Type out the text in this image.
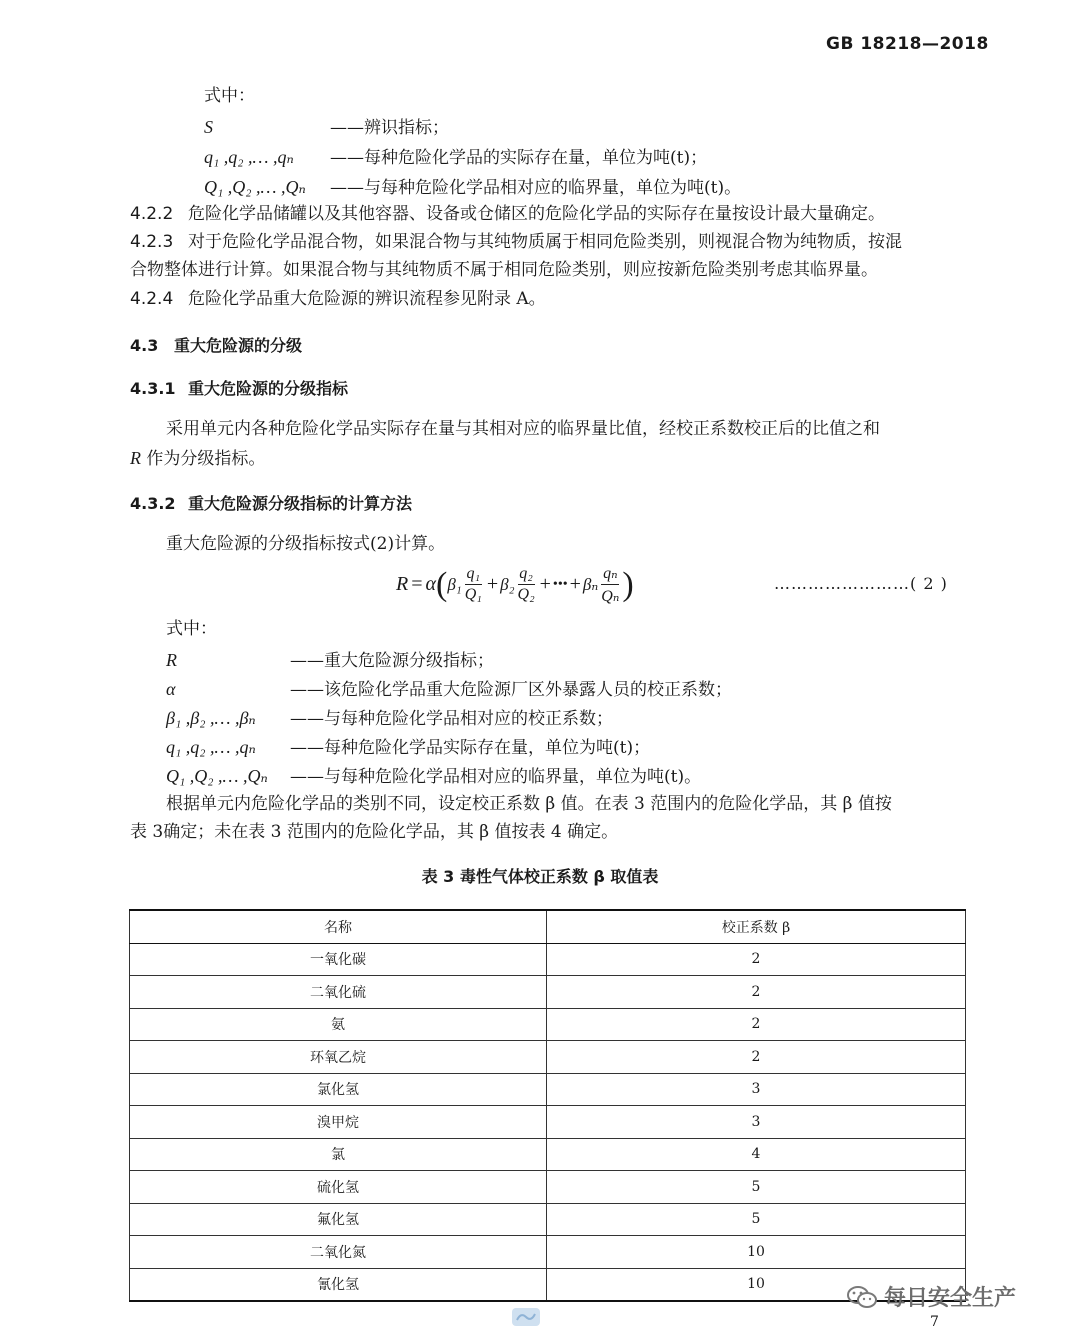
GB 18218—2018
式中：
S	——辨识指标；
q₁ ,q₂ ,… ,qₙ ——每种危险化学品的实际存在量，单位为吨(t)；
Q₁ ,Q₂ ,… ,Qₙ ——与每种危险化学品相对应的临界量，单位为吨(t)。
4.2.2 危险化学品储罐以及其他容器、设备或仓储区的危险化学品的实际存在量按设计最大量确定。
4.2.3 对于危险化学品混合物，如果混合物与其纯物质属于相同危险类别，则视混合物为纯物质，按混
合物整体进行计算。如果混合物与其纯物质不属于相同危险类别，则应按新危险类别考虑其临界量。
4.2.4 危险化学品重大危险源的辨识流程参见附录 A。
4.3 重大危险源的分级
4.3.1 重大危险源的分级指标
采用单元内各种危险化学品实际存在量与其相对应的临界量比值，经校正系数校正后的比值之和
R 作为分级指标。
4.3.2 重大危险源分级指标的计算方法
重大危险源的分级指标按式(2)计算。
R = α ( $\beta_1 \frac{\text{q₁}}{\text{Q₁}} + \beta_2 \frac{\text{q₂}}{\text{Q₂}}$ + ••• + βₙ $\frac{\text{qₙ}}{\text{Qₙ}}$ )	……………………( 2 )
式中：
R	——重大危险源分级指标；
α	——该危险化学品重大危险源厂区外暴露人员的校正系数；
β₁ ,β₂ ,… ,βₙ ——与每种危险化学品相对应的校正系数；
q₁ ,q₂ ,… ,qₙ ——每种危险化学品实际存在量，单位为吨(t)；
Q₁ ,Q₂ ,… ,Qₙ ——与每种危险化学品相对应的临界量，单位为吨(t)。
根据单元内危险化学品的类别不同，设定校正系数 β 值。在表 3 范围内的危险化学品，其 β 值按
表 3确定；未在表 3 范围内的危险化学品，其 β 值按表 4 确定。
表 3 毒性气体校正系数 β 取值表
名称	校正系数 β
一氧化碳	2
二氧化硫	2
氨	2
环氧乙烷	2
氯化氢	3
溴甲烷	3
氯	4
硫化氢	5
氟化氢	5
二氧化氮	10
氰化氢	10
每日安全生产
7
